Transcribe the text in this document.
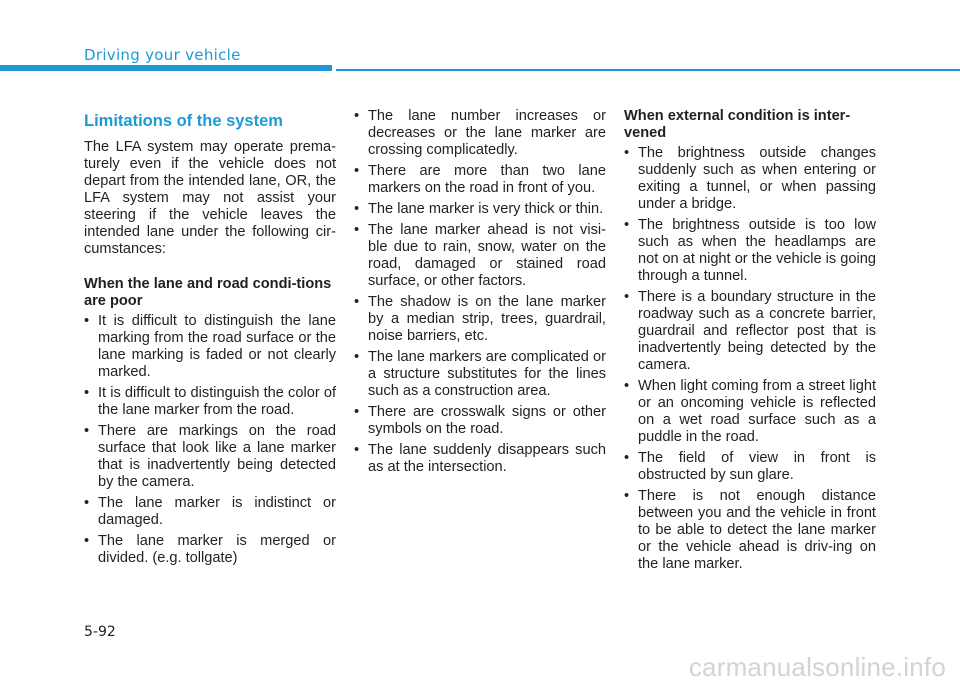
Driving your vehicle
Limitations of the system

The LFA system may operate prema-turely even if the vehicle does not depart from the intended lane, OR, the LFA system may not assist your steering if the vehicle leaves the intended lane under the following cir-cumstances:

When the lane and road condi-tions are poor
• It is difficult to distinguish the lane marking from the road surface or the lane marking is faded or not clearly marked.
• It is difficult to distinguish the color of the lane marker from the road.
• There are markings on the road surface that look like a lane marker that is inadvertently being detected by the camera.
• The lane marker is indistinct or damaged.
• The lane marker is merged or divided. (e.g. tollgate)
• The lane number increases or decreases or the lane marker are crossing complicatedly.
• There are more than two lane markers on the road in front of you.
• The lane marker is very thick or thin.
• The lane marker ahead is not visi-ble due to rain, snow, water on the road, damaged or stained road surface, or other factors.
• The shadow is on the lane marker by a median strip, trees, guardrail, noise barriers, etc.
• The lane markers are complicated or a structure substitutes for the lines such as a construction area.
• There are crosswalk signs or other symbols on the road.
• The lane suddenly disappears such as at the intersection.
When external condition is inter-vened
• The brightness outside changes suddenly such as when entering or exiting a tunnel, or when passing under a bridge.
• The brightness outside is too low such as when the headlamps are not on at night or the vehicle is going through a tunnel.
• There is a boundary structure in the roadway such as a concrete barrier, guardrail and reflector post that is inadvertently being detected by the camera.
• When light coming from a street light or an oncoming vehicle is reflected on a wet road surface such as a puddle in the road.
• The field of view in front is obstructed by sun glare.
• There is not enough distance between you and the vehicle in front to be able to detect the lane marker or the vehicle ahead is driv-ing on the lane marker.
5-92
carmanualsonline.info
